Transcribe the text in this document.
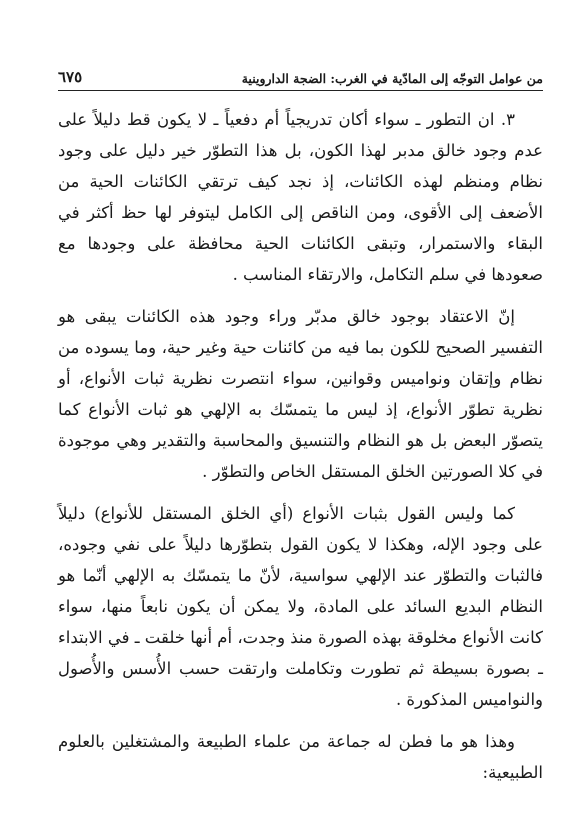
من عوامل التوجّه إلى المادّية في الغرب: الضجة الداروينية
٦٧٥

٣. ان التطور ـ سواء أكان تدريجياً أم دفعياً ـ لا يكون قط دليلاً على عدم وجود خالق مدبر لهذا الكون، بل هذا التطوّر خير دليل على وجود نظام ومنظم لهذه الكائنات، إذ نجد كيف ترتقي الكائنات الحية من الأضعف إلى الأقوى، ومن الناقص إلى الكامل ليتوفر لها حظ أكثر في البقاء والاستمرار، وتبقى الكائنات الحية محافظة على وجودها مع صعودها في سلم التكامل، والارتقاء المناسب .

إنّ الاعتقاد بوجود خالق مدبّر وراء وجود هذه الكائنات يبقى هو التفسير الصحيح للكون بما فيه من كائنات حية وغير حية، وما يسوده من نظام وإتقان ونواميس وقوانين، سواء انتصرت نظرية ثبات الأنواع، أو نظرية تطوّر الأنواع، إذ ليس ما يتمسّك به الإلهي هو ثبات الأنواع كما يتصوّر البعض بل هو النظام والتنسيق والمحاسبة والتقدير وهي موجودة في كلا الصورتين الخلق المستقل الخاص والتطوّر .

كما وليس القول بثبات الأنواع (أي الخلق المستقل للأنواع) دليلاً على وجود الإله، وهكذا لا يكون القول بتطوّرها دليلاً على نفي وجوده، فالثبات والتطوّر عند الإلهي سواسية، لأنّ ما يتمسّك به الإلهي أنّما هو النظام البديع السائد على المادة، ولا يمكن أن يكون نابعاً منها، سواء كانت الأنواع مخلوقة بهذه الصورة منذ وجدت، أم أنها خلقت ـ في الابتداء ـ بصورة بسيطة ثم تطورت وتكاملت وارتقت حسب الأُسس والأُصول والنواميس المذكورة .

وهذا هو ما فطن له جماعة من علماء الطبيعة والمشتغلين بالعلوم الطبيعية:
